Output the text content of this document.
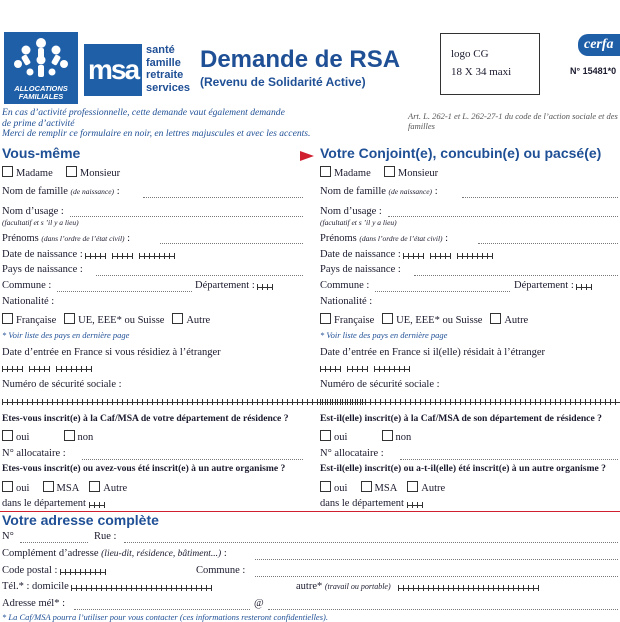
ALLOCATIONS FAMILIALES
msa
santé
famille
retraite
services
Demande de RSA
(Revenu de Solidarité Active)
logo CG
18 X 34 maxi
cerfa
N° 15481*0
En cas d’activité professionnelle, cette demande vaut également demande
de prime d’activité
Merci de remplir ce formulaire en noir, en lettres majuscules et avec les accents.
Art. L. 262-1 et L. 262-27-1 du code de l’action sociale et des familles
Vous-même	Votre Conjoint(e), concubin(e) ou pacsé(e)
Madame	Monsieur
Nom de famille (de naissance) :
Nom d’usage :
(facultatif et s ’il y a lieu)
Prénoms (dans l’ordre de l’état civil) :
Date de naissance :
Pays de naissance :
Commune :	Département :
Nationalité :
Française UE, EEE* ou Suisse Autre
* Voir liste des pays en dernière page
Date d’entrée en France si vous résidiez à l’étranger
Numéro de sécurité sociale :
Etes-vous inscrit(e) à la Caf/MSA de votre département de résidence ?
oui	non
N° allocataire :
Etes-vous inscrit(e) ou avez-vous été inscrit(e) à un autre organisme ?
oui	MSA Autre
dans le département
Madame	Monsieur
Nom de famille (de naissance) :
Nom d’usage :
(facultatif et s ’il y a lieu)
Prénoms (dans l’ordre de l’état civil) :
Date de naissance :
Pays de naissance :
Commune :	Département :
Nationalité :
Française UE, EEE* ou Suisse Autre
* Voir liste des pays en dernière page
Date d’entrée en France si il(elle) résidait à l’étranger
Numéro de sécurité sociale :
Est-il(elle) inscrit(e) à la Caf/MSA de son département de résidence ?
oui	non
N° allocataire :
Est-il(elle) inscrit(e) ou a-t-il(elle) été inscrit(e) à un autre organisme ?
oui	MSA Autre
dans le département
Votre adresse complète
N°	Rue :
Complément d’adresse (lieu-dit, résidence, bâtiment...) :
Code postal :	Commune :
Tél.* : domicile	autre* (travail ou portable)
Adresse mél* :	@
* La Caf/MSA pourra l’utiliser pour vous contacter (ces informations resteront confidentielles).
